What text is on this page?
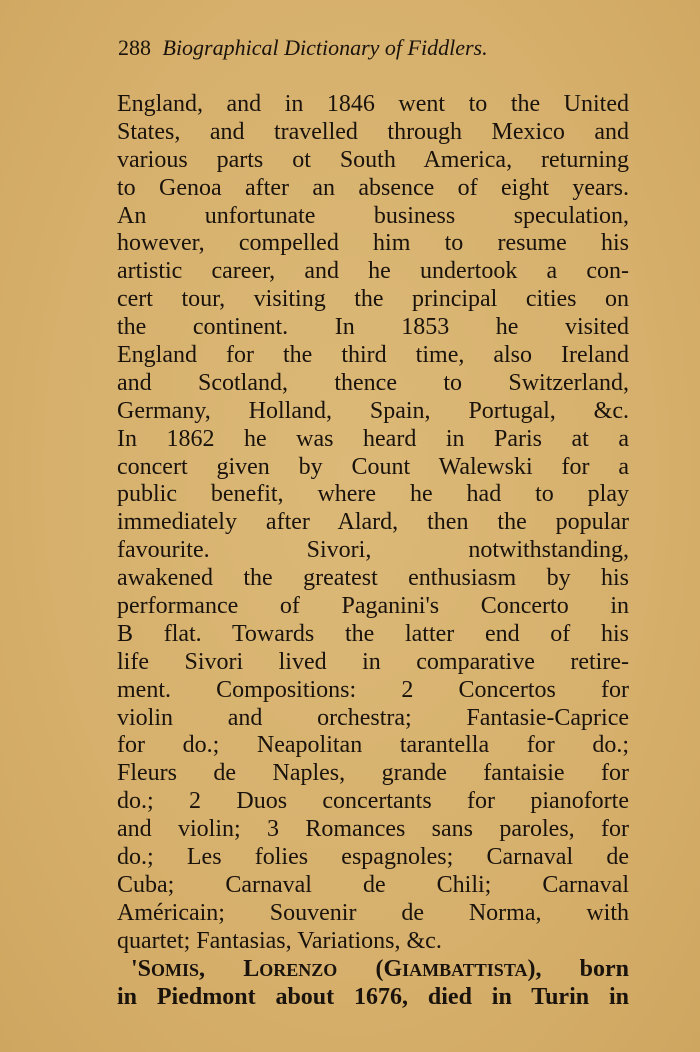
288 Biographical Dictionary of Fiddlers.
England, and in 1846 went to the United
States, and travelled through Mexico and
various parts ot South America, returning
to Genoa after an absence of eight years.
An unfortunate business speculation,
however, compelled him to resume his
artistic career, and he undertook a con-
cert tour, visiting the principal cities on
the continent. In 1853 he visited
England for the third time, also Ireland
and Scotland, thence to Switzerland,
Germany, Holland, Spain, Portugal, &c.
In 1862 he was heard in Paris at a
concert given by Count Walewski for a
public benefit, where he had to play
immediately after Alard, then the popular
favourite. Sivori, notwithstanding,
awakened the greatest enthusiasm by his
performance of Paganini's Concerto in
B flat. Towards the latter end of his
life Sivori lived in comparative retire-
ment. Compositions: 2 Concertos for
violin and orchestra; Fantasie-Caprice
for do.; Neapolitan tarantella for do.;
Fleurs de Naples, grande fantaisie for
do.; 2 Duos concertants for pianoforte
and violin; 3 Romances sans paroles, for
do.; Les folies espagnoles; Carnaval de
Cuba; Carnaval de Chili; Carnaval
Américain; Souvenir de Norma, with
quartet; Fantasias, Variations, &c.
'SOMIS, LORENZO (GIAMBATTISTA), born
in Piedmont about 1676, died in Turin in
